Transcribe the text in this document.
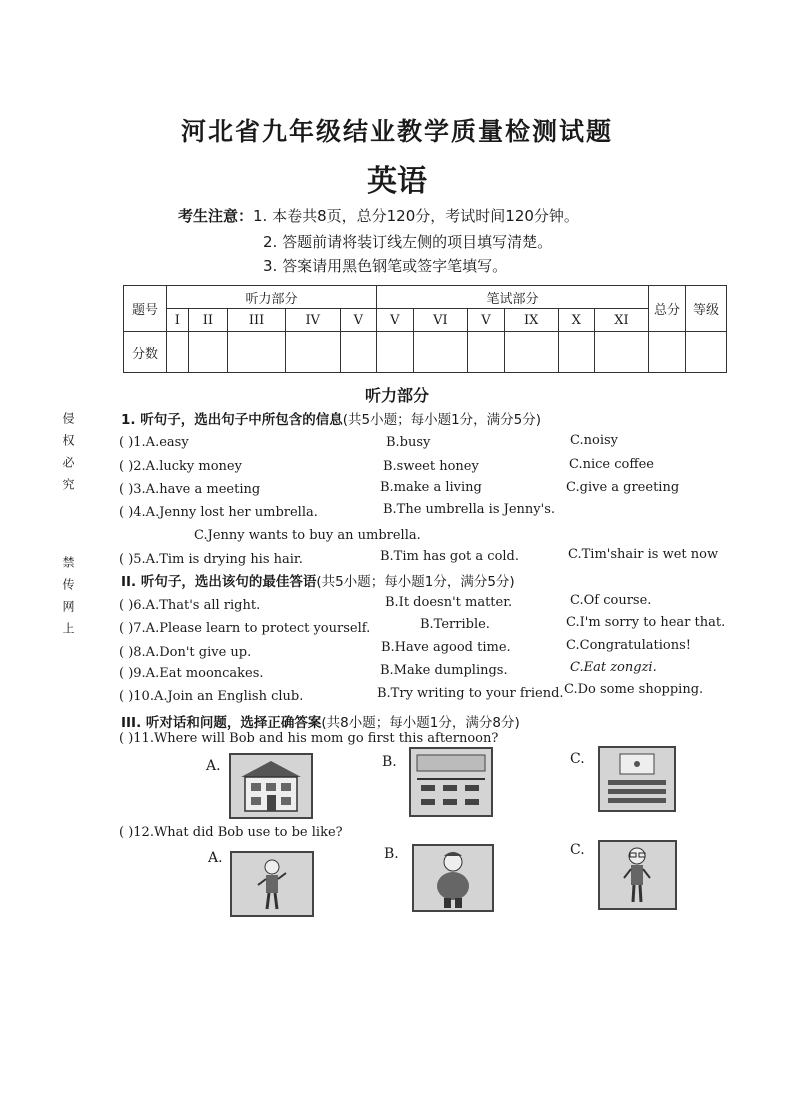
河北省九年级结业教学质量检测试题
英语
考生注意：1. 本卷共8页，总分120分，考试时间120分钟。
2. 答题前请将装订线左侧的项目填写清楚。
3. 答案请用黑色钢笔或签字笔填写。
侵权必究
禁传网上
题号	听力部分					笔试部分						总分	等级
	I	II	III	IV	V	V	VI	V	IX	X	XI		
分数													
听力部分
1. 听句子，选出句子中所包含的信息(共5小题；每小题1分，满分5分)
( )1.A.easy	B.busy	C.noisy
( )2.A.lucky money	B.sweet honey	C.nice coffee
( )3.A.have a meeting	B.make a living	C.give a greeting
( )4.A.Jenny lost her umbrella.	B.The umbrella is Jenny's.
C.Jenny wants to buy an umbrella.
( )5.A.Tim is drying his hair.	B.Tim has got a cold.	C.Tim'shair is wet now
II. 听句子，选出该句的最佳答语(共5小题；每小题1分，满分5分)
( )6.A.That's all right.	B.It doesn't matter.	C.Of course.
( )7.A.Please learn to protect yourself.	B.Terrible.	C.I'm sorry to hear that.
( )8.A.Don't give up.	B.Have agood time.	C.Congratulations!
( )9.A.Eat mooncakes.	B.Make dumplings.	C.Eat zongzi.
( )10.A.Join an English club.	B.Try writing to your friend. C.Do some shopping.
III. 听对话和问题，选择正确答案(共8小题；每小题1分，满分8分)
( )11.Where will Bob and his mom go first this afternoon?
A.	B.	C.
( )12.What did Bob use to be like?
A.	B.	C.
